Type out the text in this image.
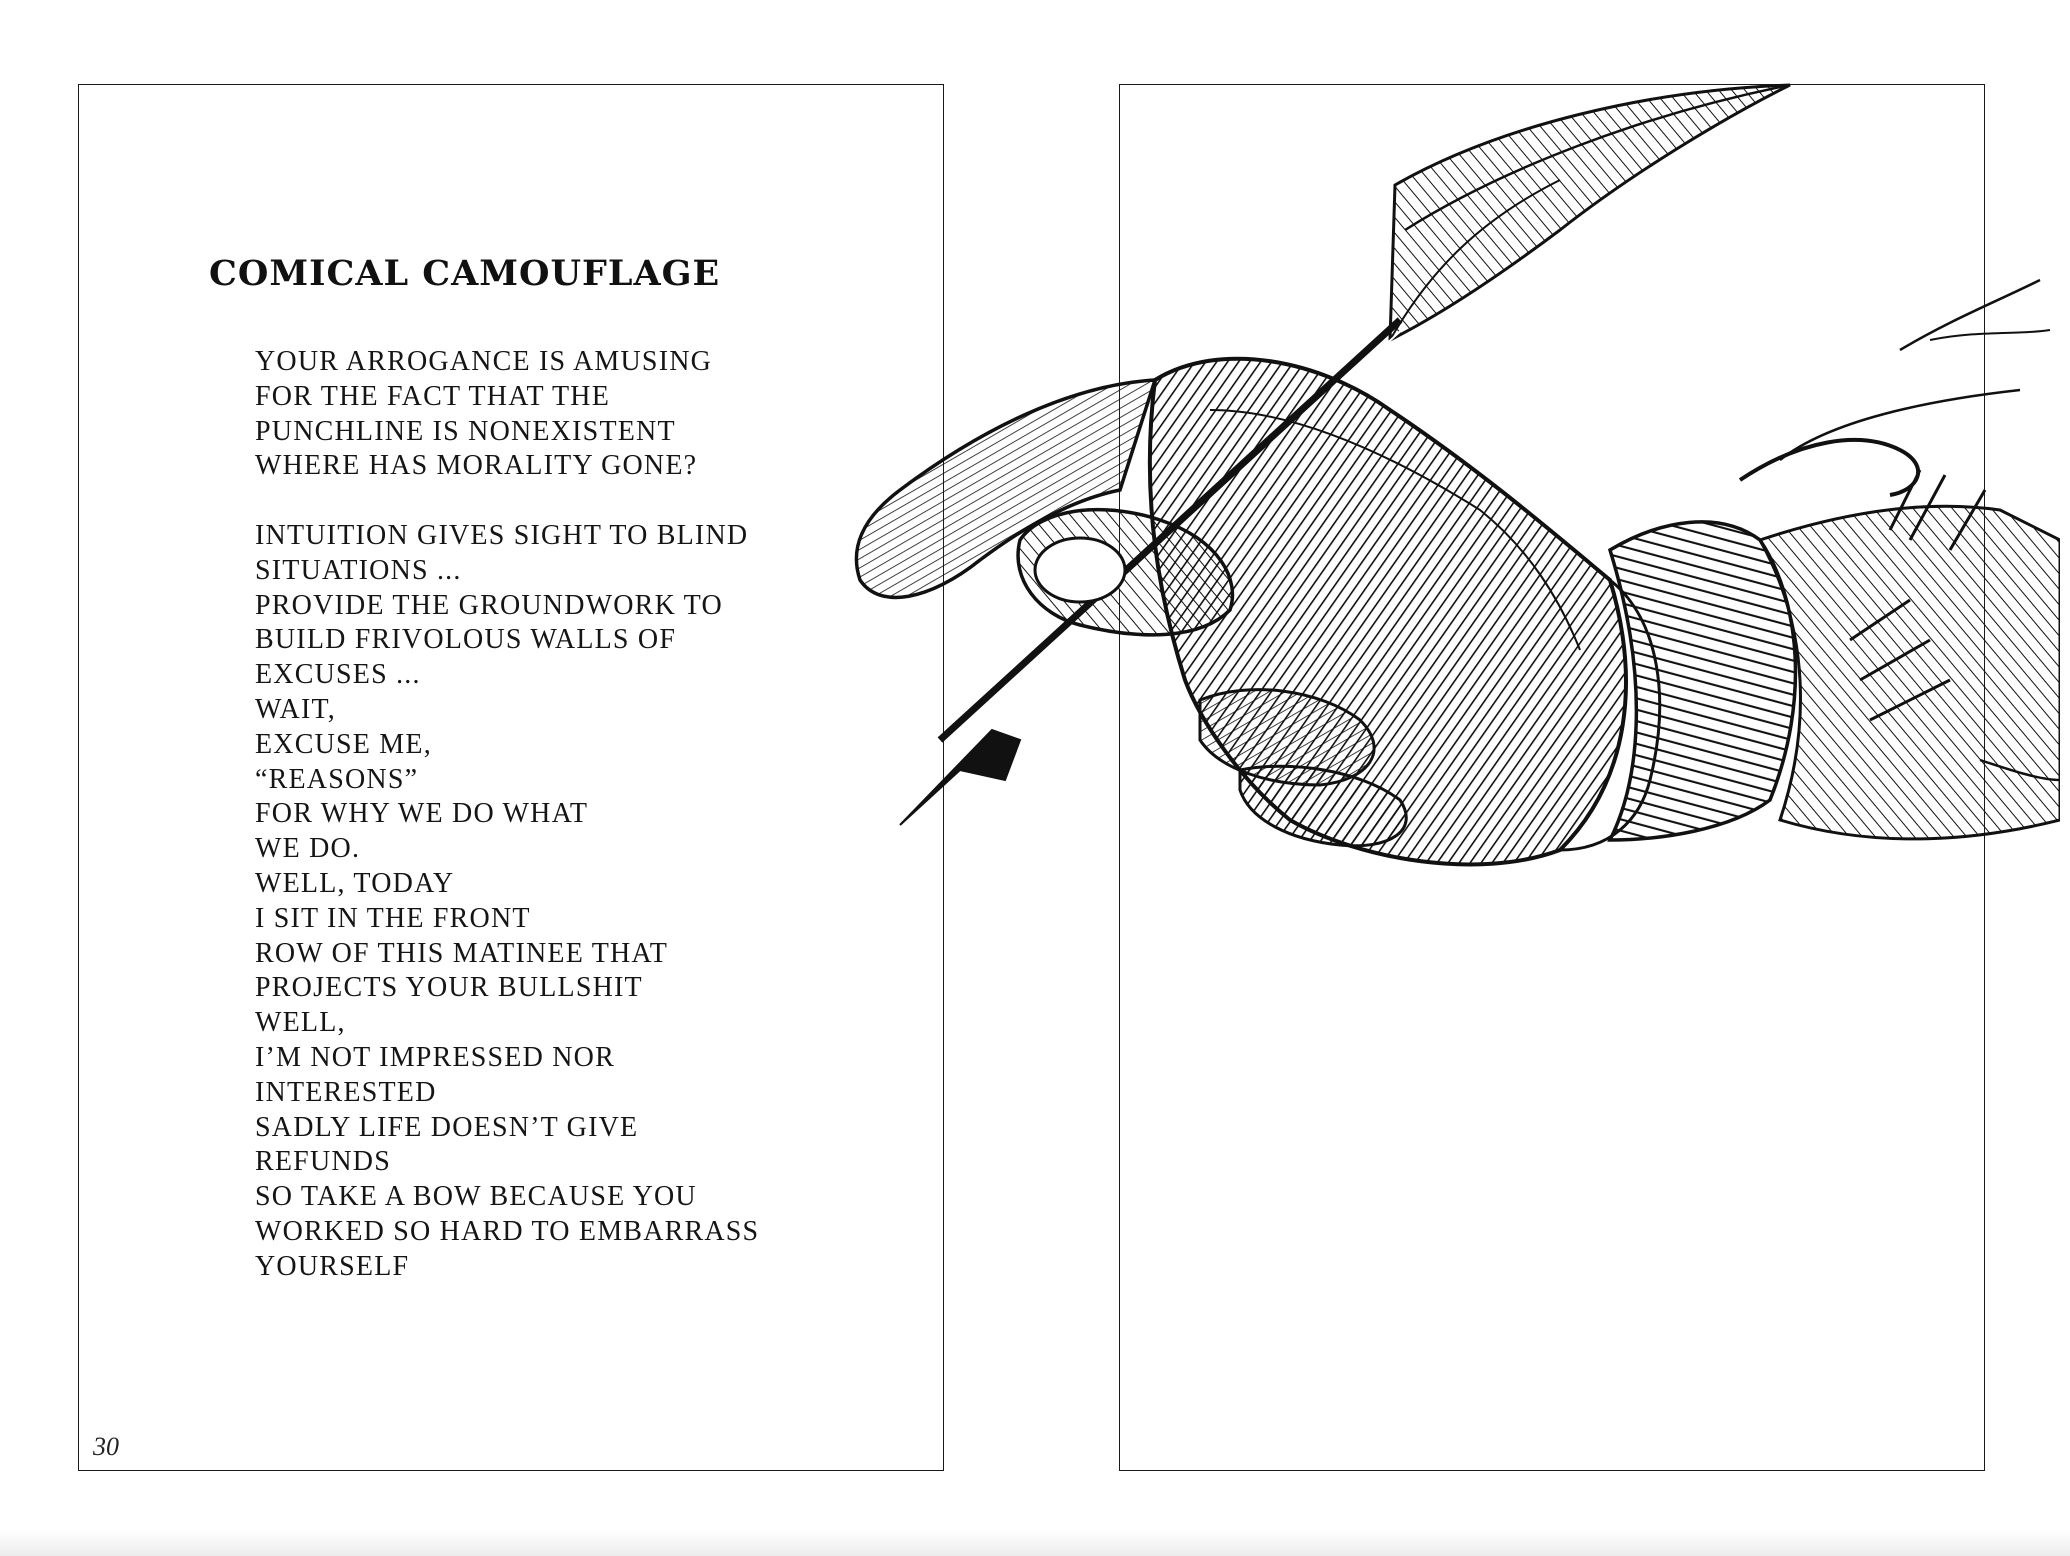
COMICAL CAMOUFLAGE
YOUR ARROGANCE IS AMUSING
FOR THE FACT THAT THE
PUNCHLINE IS NONEXISTENT
WHERE HAS MORALITY GONE?
INTUITION GIVES SIGHT TO BLIND
SITUATIONS ...
PROVIDE THE GROUNDWORK TO
BUILD FRIVOLOUS WALLS OF
EXCUSES ...
WAIT,
EXCUSE ME,
“REASONS”
FOR WHY WE DO WHAT
WE DO.
WELL, TODAY
I SIT IN THE FRONT
ROW OF THIS MATINEE THAT
PROJECTS YOUR BULLSHIT
WELL,
I’M NOT IMPRESSED NOR
INTERESTED
SADLY LIFE DOESN’T GIVE
REFUNDS
SO TAKE A BOW BECAUSE YOU
WORKED SO HARD TO EMBARRASS
YOURSELF
30
